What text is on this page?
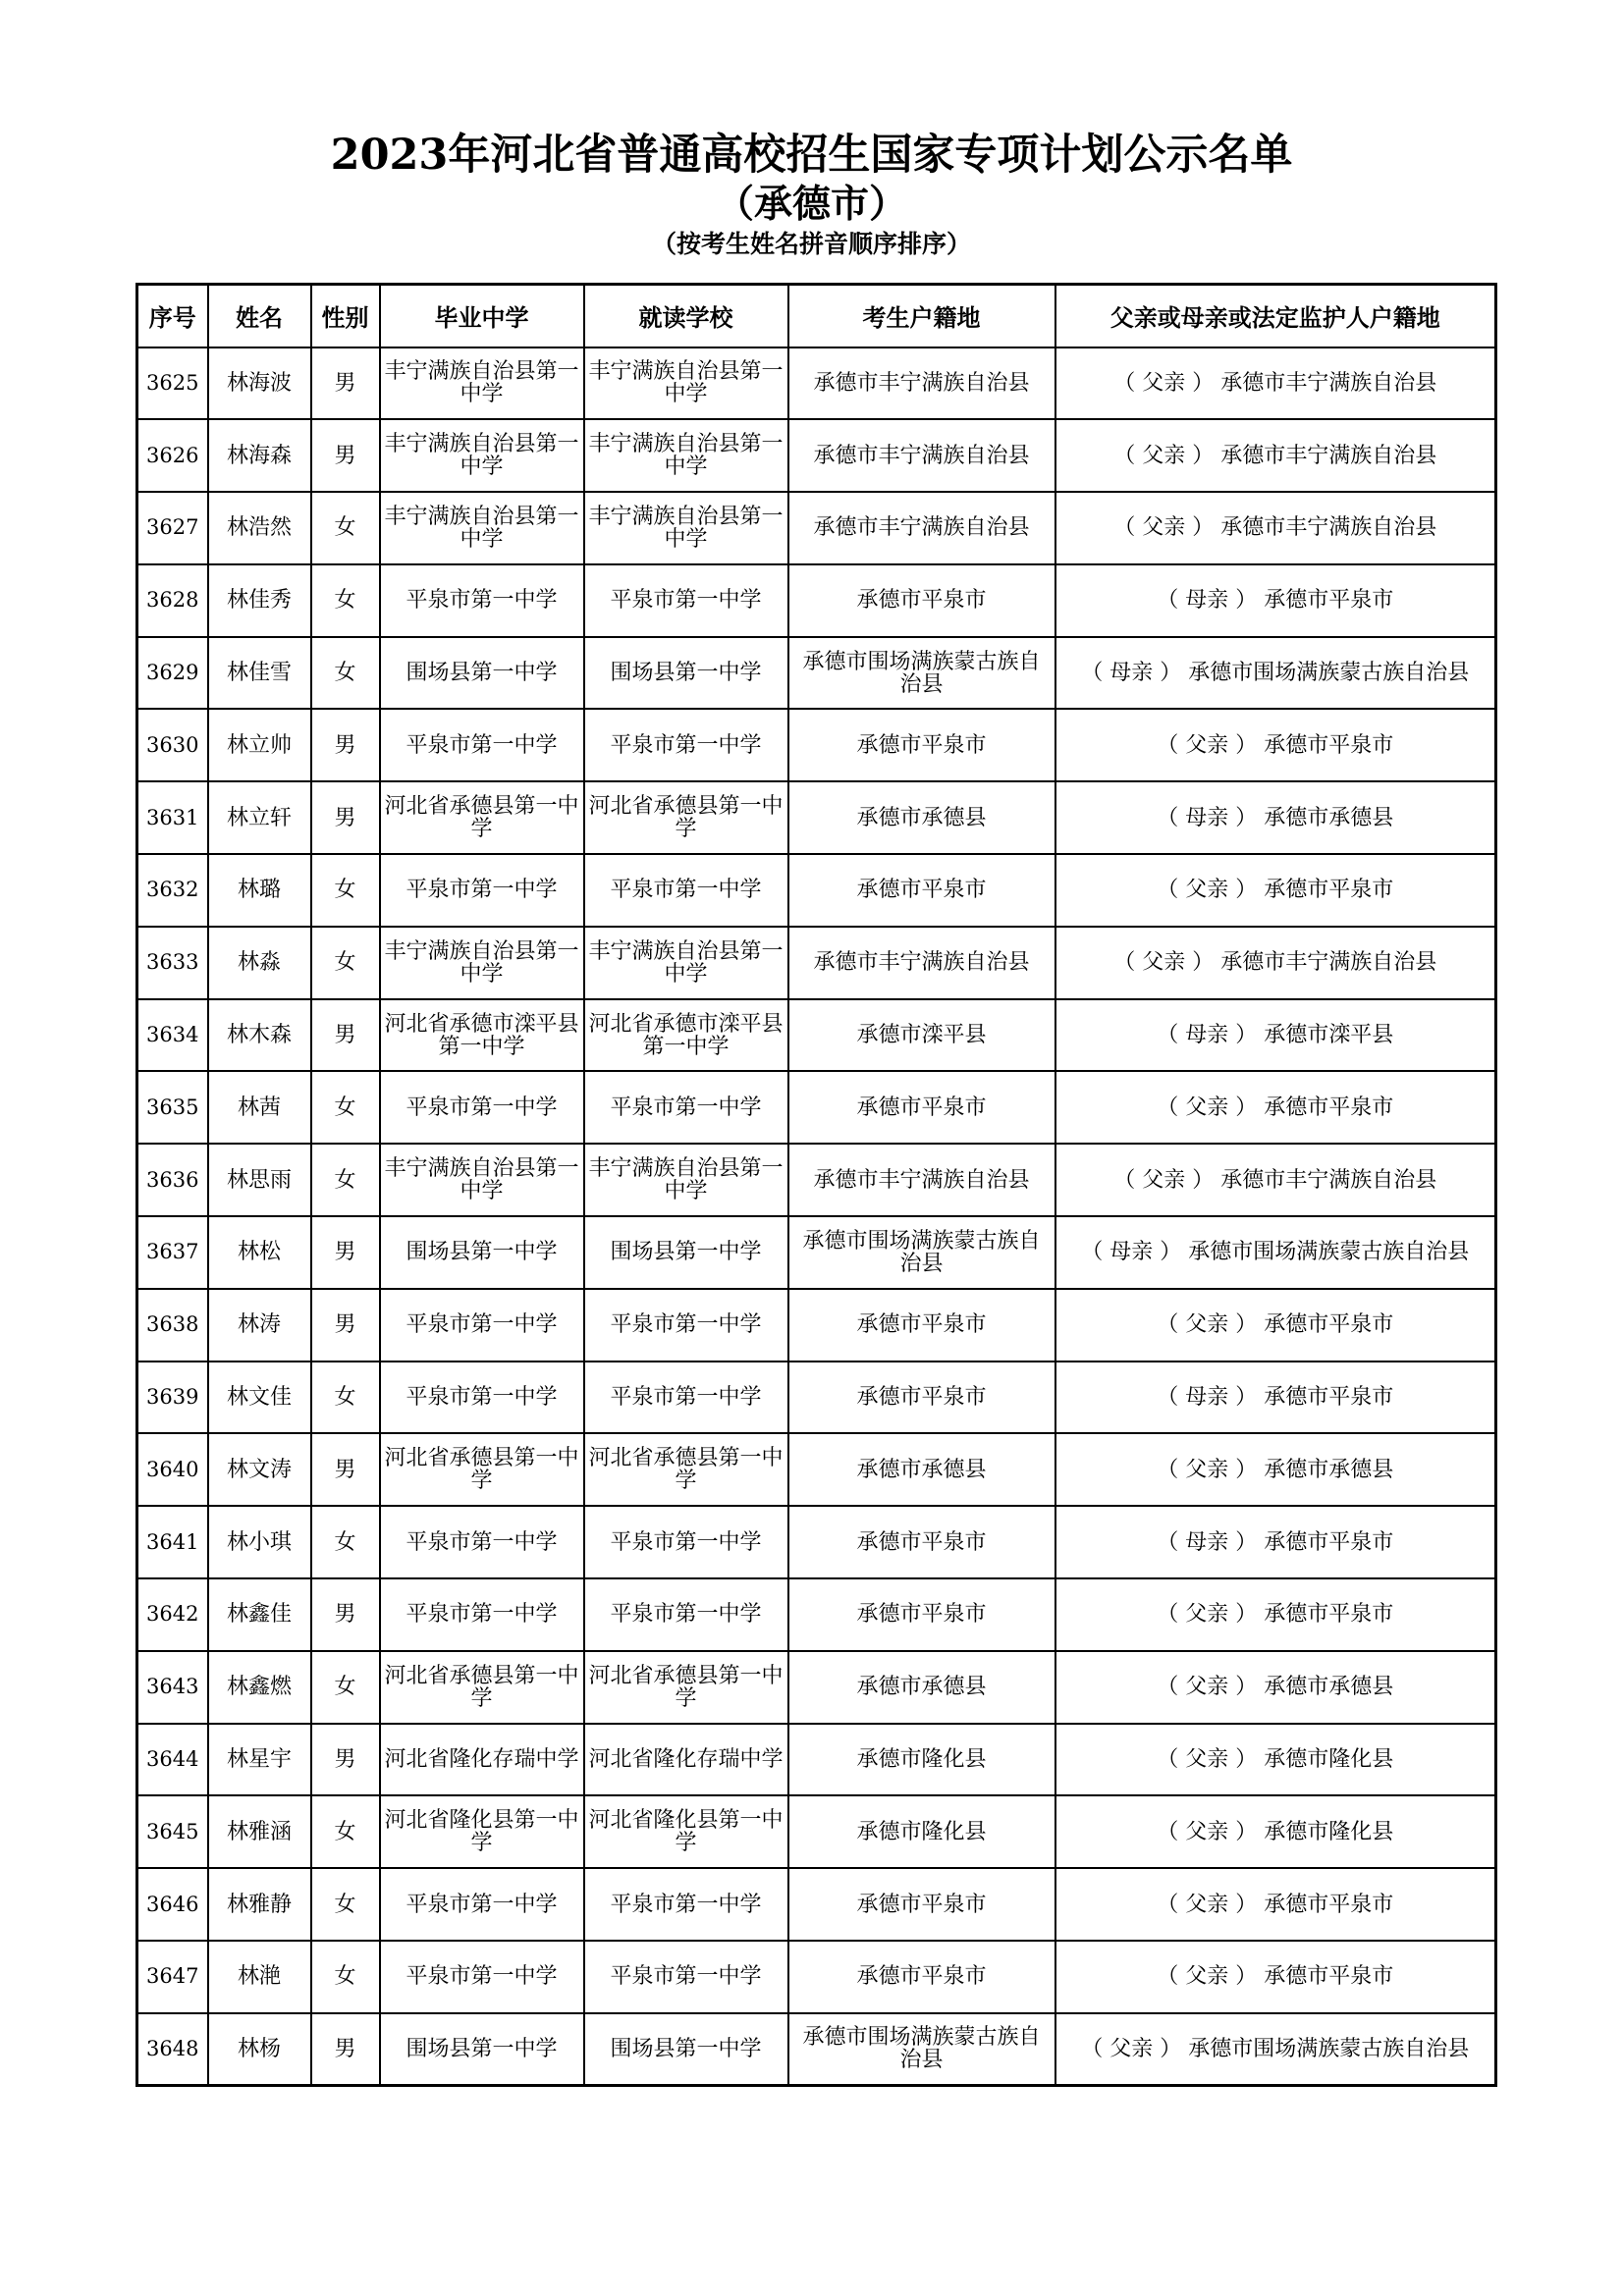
2023年河北省普通高校招生国家专项计划公示名单
（承德市）
（按考生姓名拼音顺序排序）
序号	姓名	性别	毕业中学	就读学校	考生户籍地	父亲或母亲或法定监护人户籍地
3625	林海波	男	丰宁满族自治县第一中学	丰宁满族自治县第一中学	承德市丰宁满族自治县	（ 父亲 ） 承德市丰宁满族自治县
3626	林海森	男	丰宁满族自治县第一中学	丰宁满族自治县第一中学	承德市丰宁满族自治县	（ 父亲 ） 承德市丰宁满族自治县
3627	林浩然	女	丰宁满族自治县第一中学	丰宁满族自治县第一中学	承德市丰宁满族自治县	（ 父亲 ） 承德市丰宁满族自治县
3628	林佳秀	女	平泉市第一中学	平泉市第一中学	承德市平泉市	（ 母亲 ） 承德市平泉市
3629	林佳雪	女	围场县第一中学	围场县第一中学	承德市围场满族蒙古族自治县	（ 母亲 ） 承德市围场满族蒙古族自治县
3630	林立帅	男	平泉市第一中学	平泉市第一中学	承德市平泉市	（ 父亲 ） 承德市平泉市
3631	林立轩	男	河北省承德县第一中学	河北省承德县第一中学	承德市承德县	（ 母亲 ） 承德市承德县
3632	林璐	女	平泉市第一中学	平泉市第一中学	承德市平泉市	（ 父亲 ） 承德市平泉市
3633	林淼	女	丰宁满族自治县第一中学	丰宁满族自治县第一中学	承德市丰宁满族自治县	（ 父亲 ） 承德市丰宁满族自治县
3634	林木森	男	河北省承德市滦平县第一中学	河北省承德市滦平县第一中学	承德市滦平县	（ 母亲 ） 承德市滦平县
3635	林茜	女	平泉市第一中学	平泉市第一中学	承德市平泉市	（ 父亲 ） 承德市平泉市
3636	林思雨	女	丰宁满族自治县第一中学	丰宁满族自治县第一中学	承德市丰宁满族自治县	（ 父亲 ） 承德市丰宁满族自治县
3637	林松	男	围场县第一中学	围场县第一中学	承德市围场满族蒙古族自治县	（ 母亲 ） 承德市围场满族蒙古族自治县
3638	林涛	男	平泉市第一中学	平泉市第一中学	承德市平泉市	（ 父亲 ） 承德市平泉市
3639	林文佳	女	平泉市第一中学	平泉市第一中学	承德市平泉市	（ 母亲 ） 承德市平泉市
3640	林文涛	男	河北省承德县第一中学	河北省承德县第一中学	承德市承德县	（ 父亲 ） 承德市承德县
3641	林小琪	女	平泉市第一中学	平泉市第一中学	承德市平泉市	（ 母亲 ） 承德市平泉市
3642	林鑫佳	男	平泉市第一中学	平泉市第一中学	承德市平泉市	（ 父亲 ） 承德市平泉市
3643	林鑫燃	女	河北省承德县第一中学	河北省承德县第一中学	承德市承德县	（ 父亲 ） 承德市承德县
3644	林星宇	男	河北省隆化存瑞中学	河北省隆化存瑞中学	承德市隆化县	（ 父亲 ） 承德市隆化县
3645	林雅涵	女	河北省隆化县第一中学	河北省隆化县第一中学	承德市隆化县	（ 父亲 ） 承德市隆化县
3646	林雅静	女	平泉市第一中学	平泉市第一中学	承德市平泉市	（ 父亲 ） 承德市平泉市
3647	林滟	女	平泉市第一中学	平泉市第一中学	承德市平泉市	（ 父亲 ） 承德市平泉市
3648	林杨	男	围场县第一中学	围场县第一中学	承德市围场满族蒙古族自治县	（ 父亲 ） 承德市围场满族蒙古族自治县
